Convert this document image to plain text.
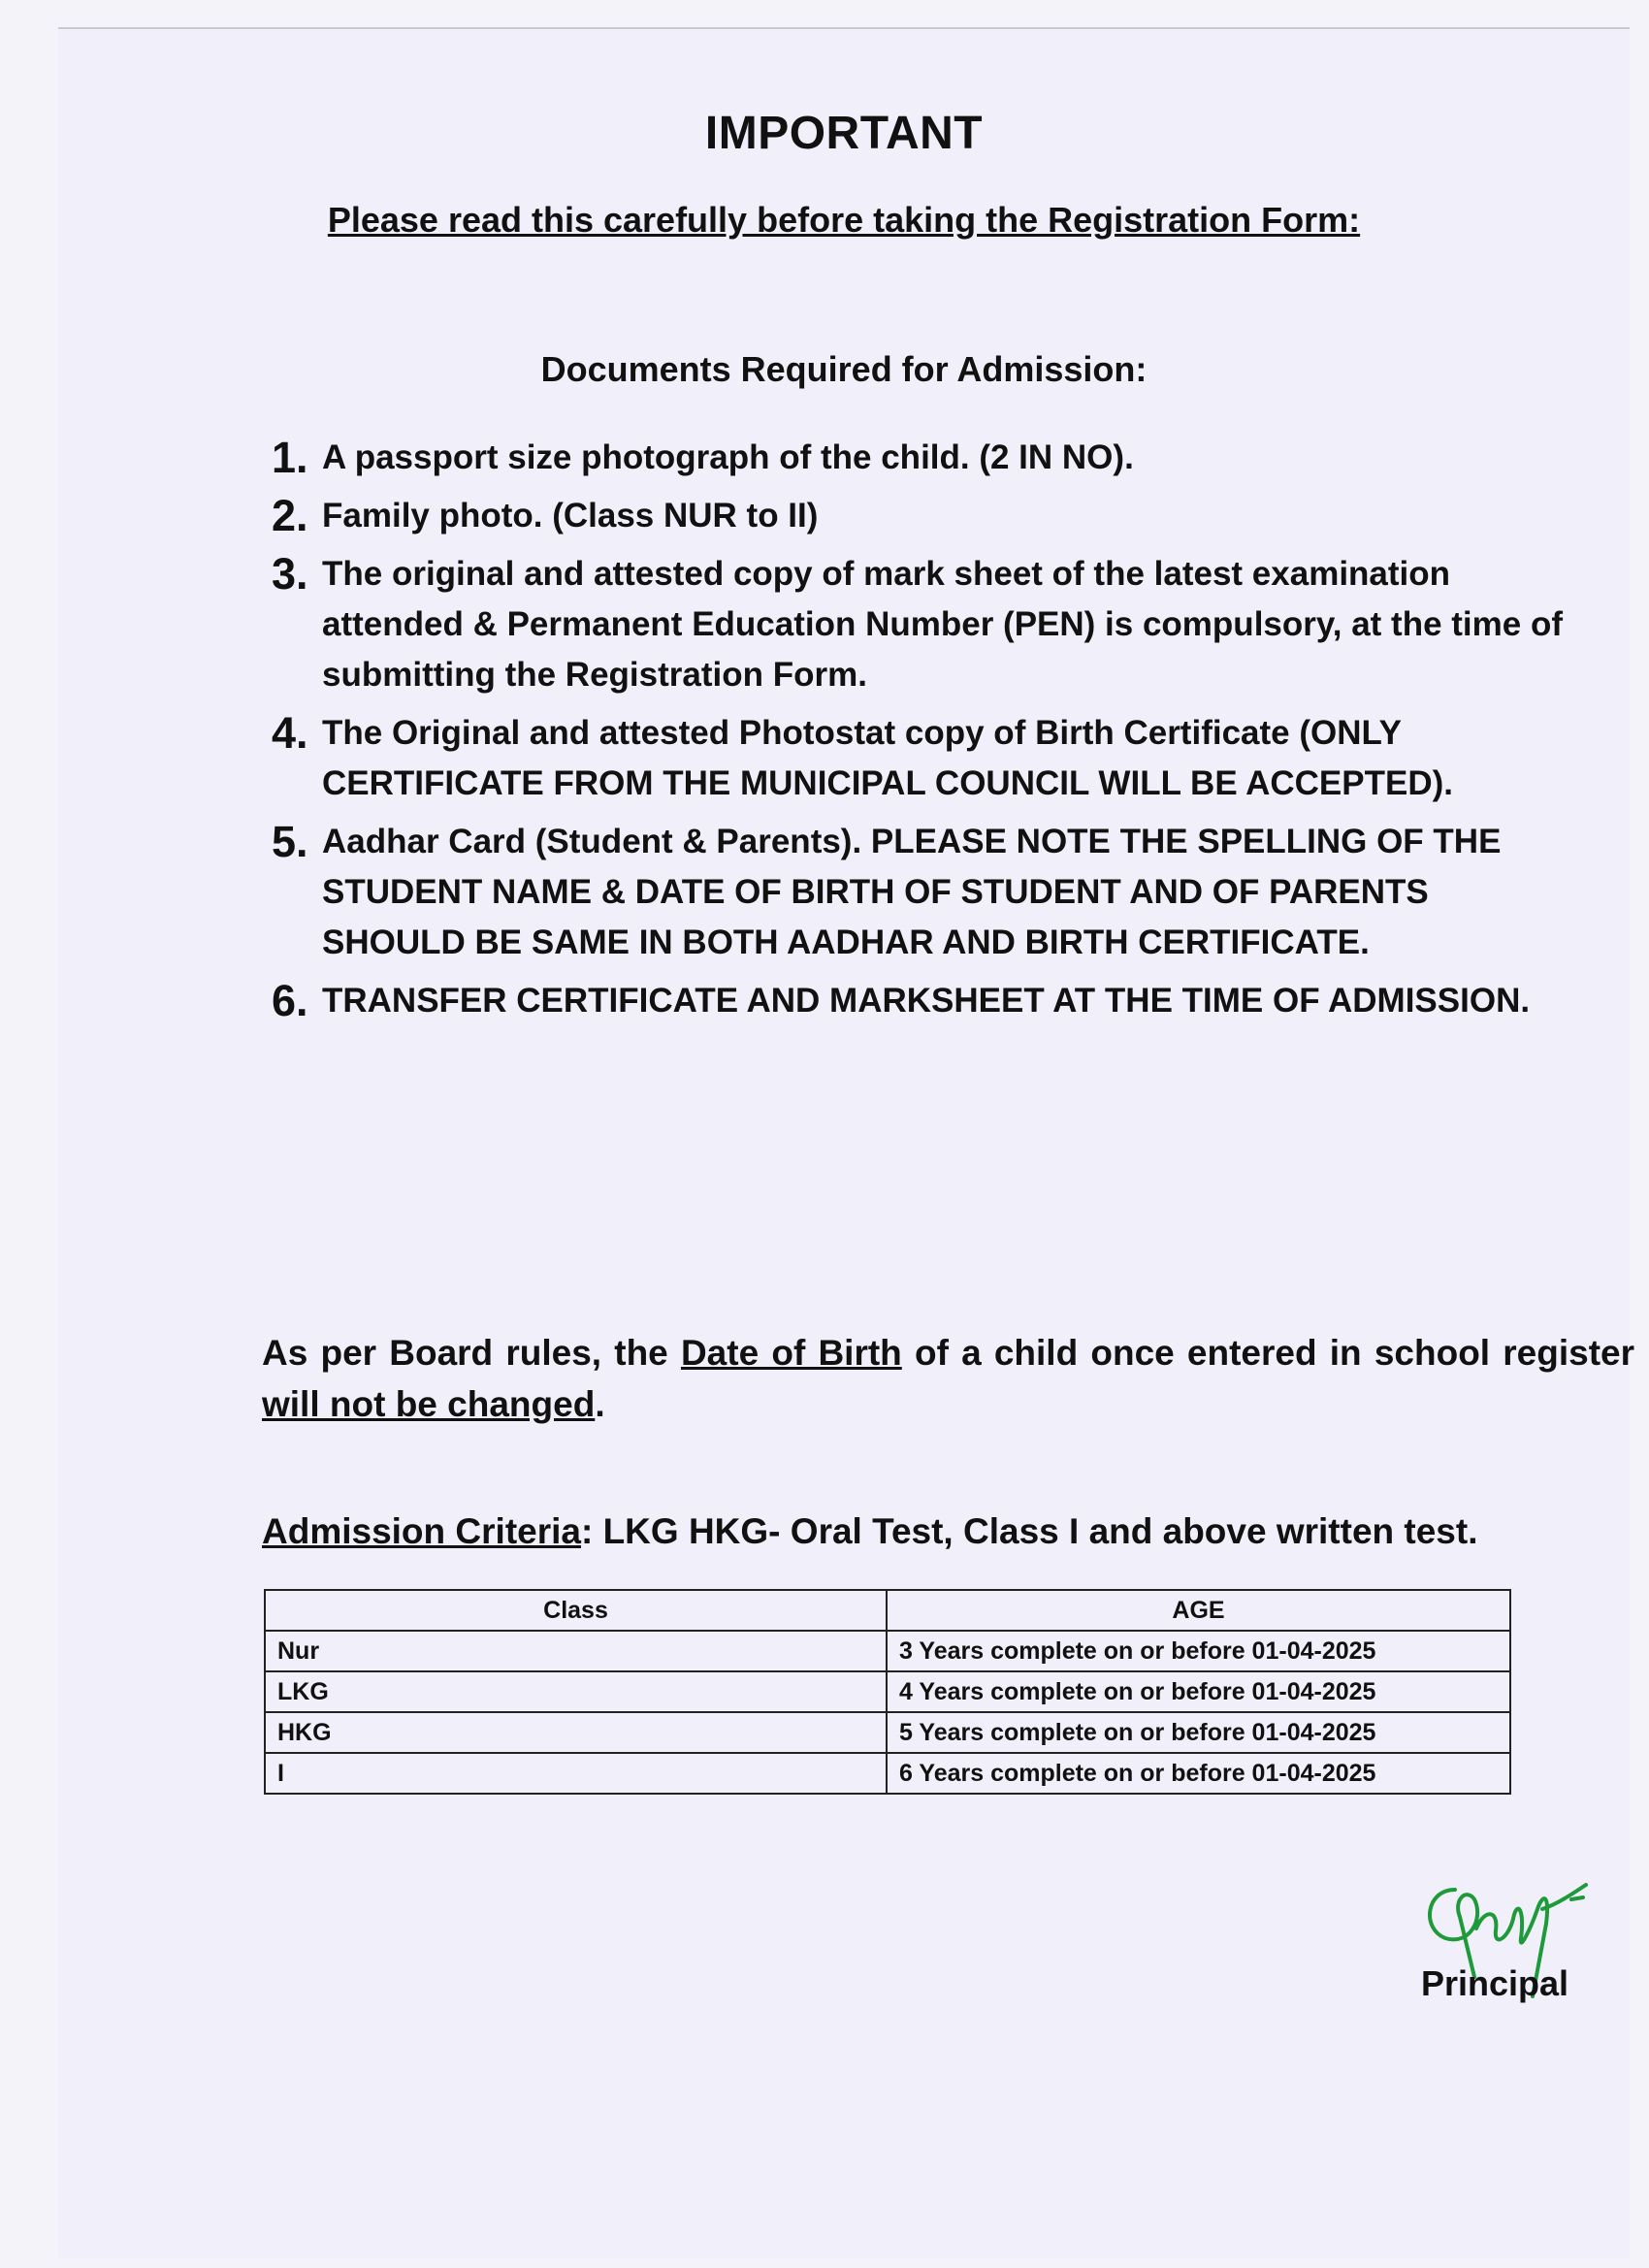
IMPORTANT
Please read this carefully before taking the Registration Form:
Documents Required for Admission:
1. A passport size photograph of the child. (2 IN NO).
2. Family photo. (Class NUR to II)
3. The original and attested copy of mark sheet of the latest examination attended & Permanent Education Number (PEN) is compulsory, at the time of submitting the Registration Form.
4. The Original and attested Photostat copy of Birth Certificate (ONLY CERTIFICATE FROM THE MUNICIPAL COUNCIL WILL BE ACCEPTED).
5. Aadhar Card (Student & Parents). PLEASE NOTE THE SPELLING OF THE STUDENT NAME & DATE OF BIRTH OF STUDENT AND OF PARENTS SHOULD BE SAME IN BOTH AADHAR AND BIRTH CERTIFICATE.
6. TRANSFER CERTIFICATE AND MARKSHEET AT THE TIME OF ADMISSION.
As per Board rules, the Date of Birth of a child once entered in school register will not be changed.
Admission Criteria: LKG HKG- Oral Test, Class I and above written test.
Class	AGE
Nur	3 Years complete on or before 01-04-2025
LKG	4 Years complete on or before 01-04-2025
HKG	5 Years complete on or before 01-04-2025
I	6 Years complete on or before 01-04-2025
Principal
